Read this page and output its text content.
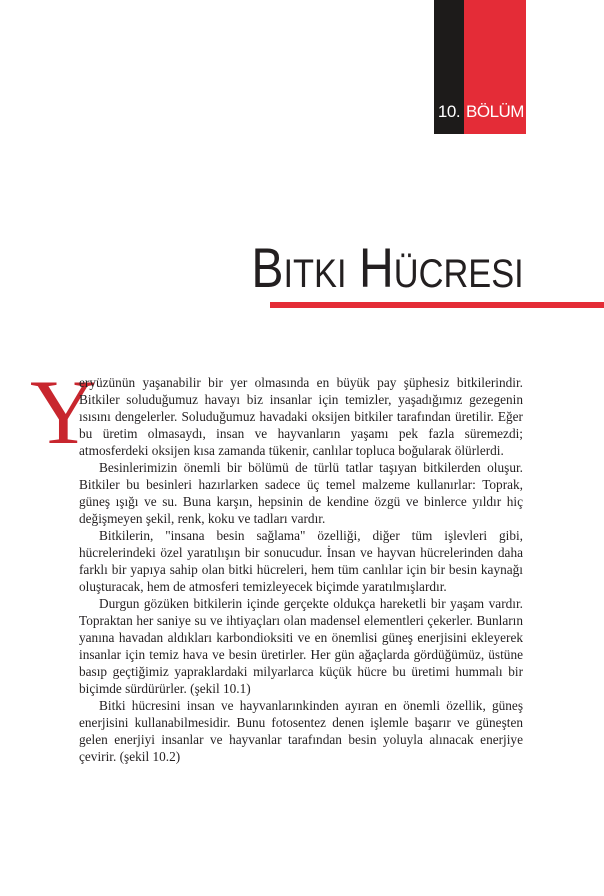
10. BÖLÜM
BITKI HÜCRESI
Y

eryüzünün yaşanabilir bir yer olmasında en büyük pay şüphesiz bitkilerindir. Bitkiler soluduğumuz havayı biz insanlar için temizler, yaşadığımız gezegenin ısısını dengelerler. Soluduğumuz havadaki oksijen bitkiler tarafından üretilir. Eğer bu üretim olmasaydı, insan ve hayvanların yaşamı pek fazla süremezdi; atmosferdeki oksijen kısa zamanda tükenir, canlılar topluca boğularak ölürlerdi.

Besinlerimizin önemli bir bölümü de türlü tatlar taşıyan bitkilerden oluşur. Bitkiler bu besinleri hazırlarken sadece üç temel malzeme kullanırlar: Toprak, güneş ışığı ve su. Buna karşın, hepsinin de kendine özgü ve binlerce yıldır hiç değişmeyen şekil, renk, koku ve tadları vardır.

Bitkilerin, "insana besin sağlama" özelliği, diğer tüm işlevleri gibi, hücrelerindeki özel yaratılışın bir sonucudur. İnsan ve hayvan hücrelerinden daha farklı bir yapıya sahip olan bitki hücreleri, hem tüm canlılar için bir besin kaynağı oluşturacak, hem de atmosferi temizleyecek biçimde yaratılmışlardır.

Durgun gözüken bitkilerin içinde gerçekte oldukça hareketli bir yaşam vardır. Topraktan her saniye su ve ihtiyaçları olan madensel elementleri çekerler. Bunların yanına havadan aldıkları karbondioksiti ve en önemlisi güneş enerjisini ekleyerek insanlar için temiz hava ve besin üretirler. Her gün ağaçlarda gördüğümüz, üstüne basıp geçtiğimiz yapraklardaki milyarlarca küçük hücre bu üretimi hummalı bir biçimde sürdürürler. (şekil 10.1)

Bitki hücresini insan ve hayvanlarınkinden ayıran en önemli özellik, güneş enerjisini kullanabilmesidir. Bunu fotosentez denen işlemle başarır ve güneşten gelen enerjiyi insanlar ve hayvanlar tarafından besin yoluyla alınacak enerjiye çevirir. (şekil 10.2)
